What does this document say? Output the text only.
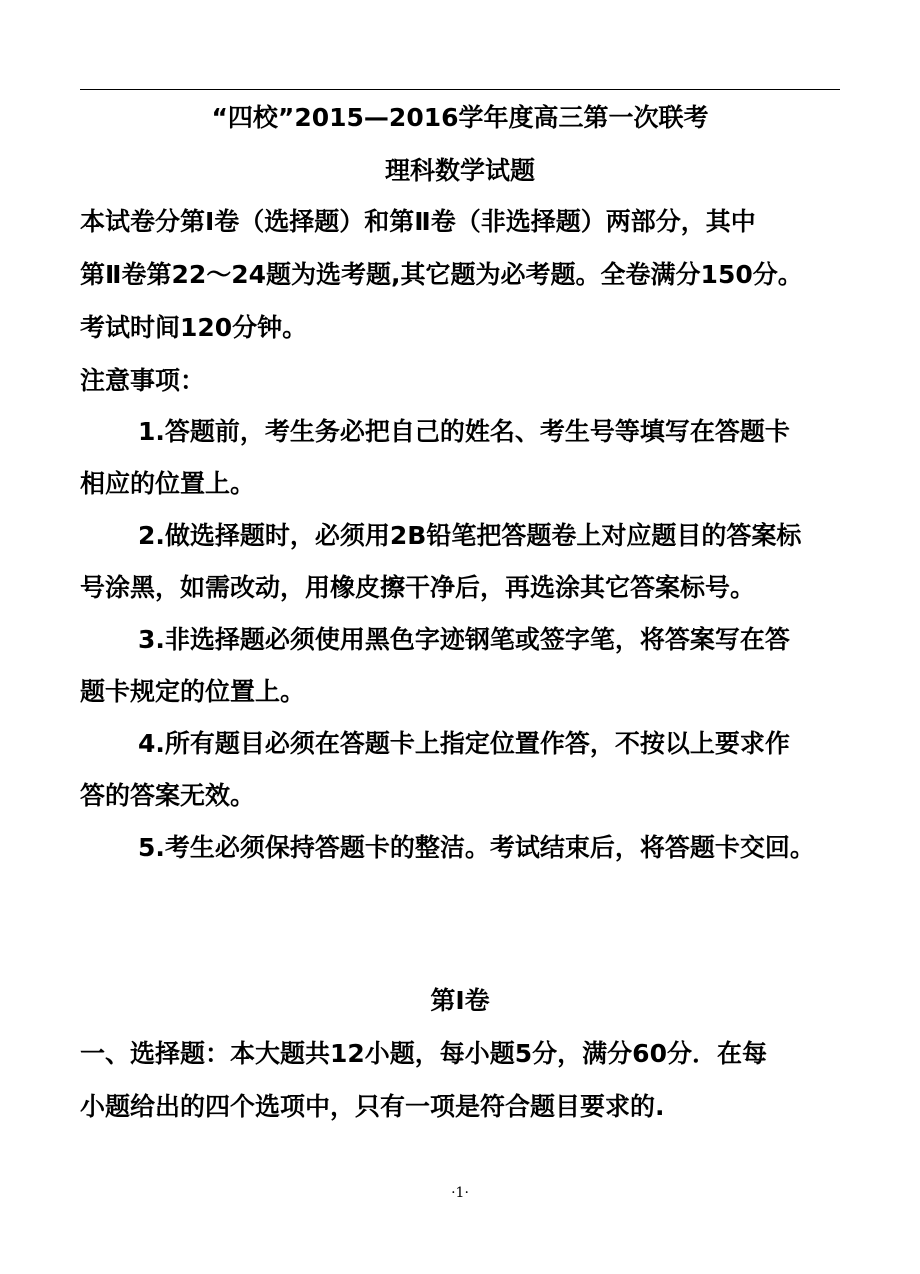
“四校”2015—2016学年度高三第一次联考
理科数学试题
本试卷分第Ⅰ卷（选择题）和第Ⅱ卷（非选择题）两部分，其中
第Ⅱ卷第22～24题为选考题,其它题为必考题。全卷满分150分。
考试时间120分钟。
注意事项：
1.答题前，考生务必把自己的姓名、考生号等填写在答题卡
相应的位置上。
2.做选择题时，必须用2B铅笔把答题卷上对应题目的答案标
号涂黑，如需改动，用橡皮擦干净后，再选涂其它答案标号。
3.非选择题必须使用黑色字迹钢笔或签字笔，将答案写在答
题卡规定的位置上。
4.所有题目必须在答题卡上指定位置作答，不按以上要求作
答的答案无效。
5.考生必须保持答题卡的整洁。考试结束后，将答题卡交回。
第Ⅰ卷
一、选择题：本大题共12小题，每小题5分，满分60分．在每
小题给出的四个选项中，只有一项是符合题目要求的.
·1·
